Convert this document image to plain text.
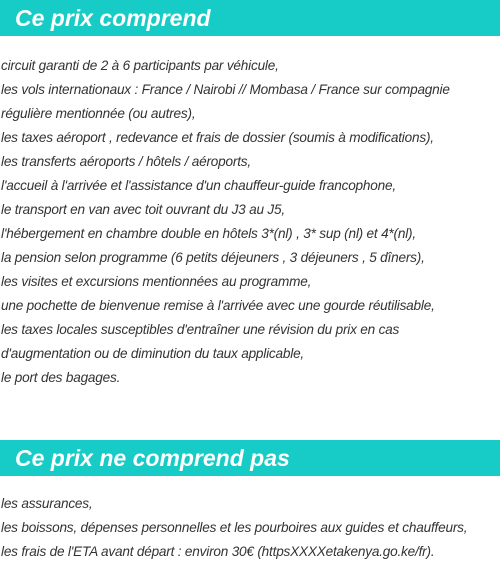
Ce prix comprend
circuit garanti de 2 à 6 participants par véhicule,
les vols internationaux : France / Nairobi // Mombasa / France sur compagnie
régulière mentionnée (ou autres),
les taxes aéroport , redevance et frais de dossier (soumis à modifications),
les transferts aéroports / hôtels / aéroports,
l'accueil à l'arrivée et l'assistance d'un chauffeur-guide francophone,
le transport en van avec toit ouvrant du J3 au J5,
l'hébergement en chambre double en hôtels 3*(nl) , 3* sup (nl) et 4*(nl),
la pension selon programme (6 petits déjeuners , 3 déjeuners , 5 dîners),
les visites et excursions mentionnées au programme,
une pochette de bienvenue remise à l'arrivée avec une gourde réutilisable,
les taxes locales susceptibles d'entraîner une révision du prix en cas
d'augmentation ou de diminution du taux applicable,
le port des bagages.
Ce prix ne comprend pas
les assurances,
les boissons, dépenses personnelles et les pourboires aux guides et chauffeurs,
les frais de l'ETA avant départ : environ 30€ (httpsXXXXetakenya.go.ke/fr).
